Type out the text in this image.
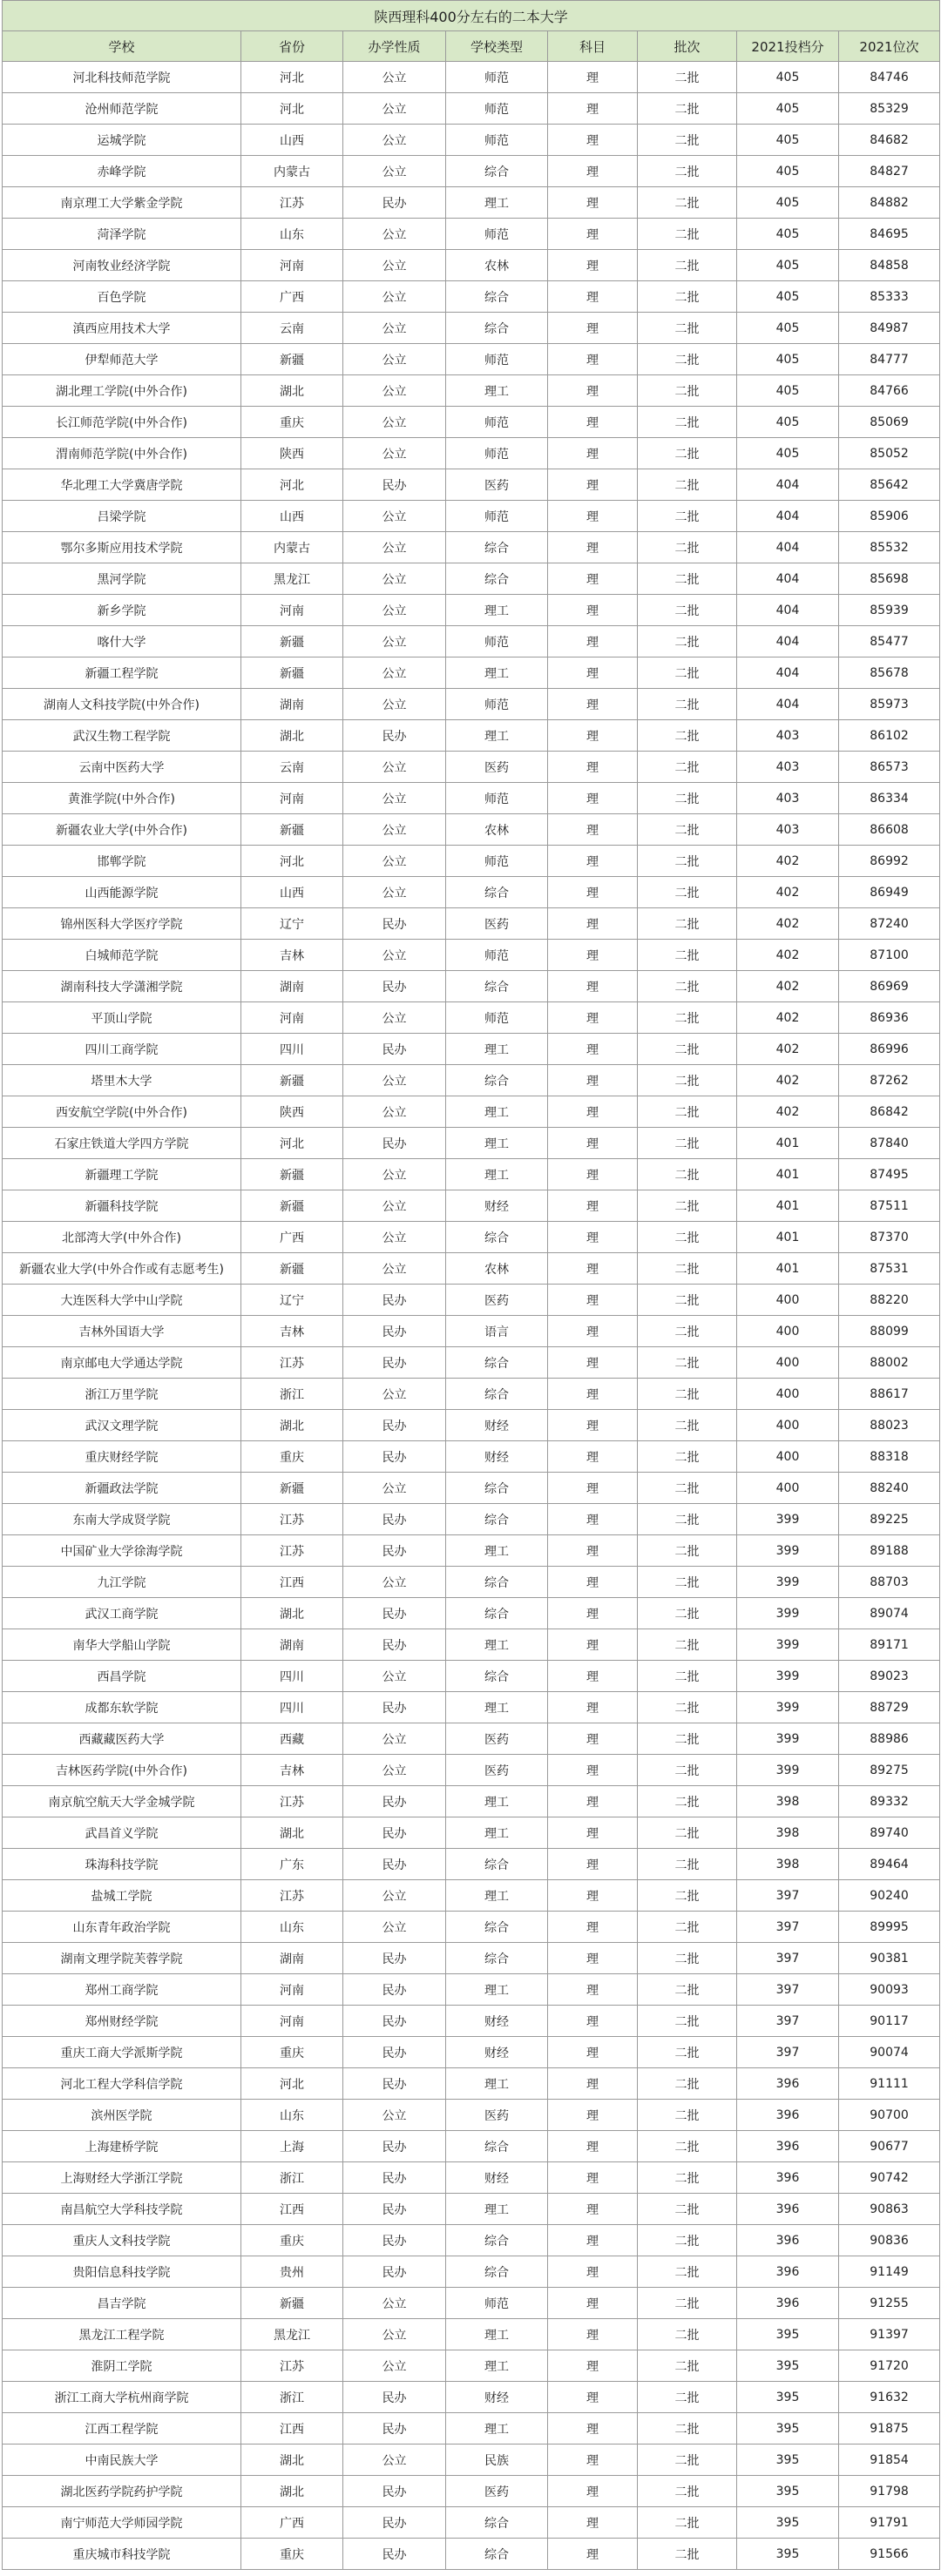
陕西理科400分左右的二本大学							
学校	省份	办学性质	学校类型	科目	批次	2021投档分	2021位次
河北科技师范学院	河北	公立	师范	理	二批	405	84746
沧州师范学院	河北	公立	师范	理	二批	405	85329
运城学院	山西	公立	师范	理	二批	405	84682
赤峰学院	内蒙古	公立	综合	理	二批	405	84827
南京理工大学紫金学院	江苏	民办	理工	理	二批	405	84882
菏泽学院	山东	公立	师范	理	二批	405	84695
河南牧业经济学院	河南	公立	农林	理	二批	405	84858
百色学院	广西	公立	综合	理	二批	405	85333
滇西应用技术大学	云南	公立	综合	理	二批	405	84987
伊犁师范大学	新疆	公立	师范	理	二批	405	84777
湖北理工学院(中外合作)	湖北	公立	理工	理	二批	405	84766
长江师范学院(中外合作)	重庆	公立	师范	理	二批	405	85069
渭南师范学院(中外合作)	陕西	公立	师范	理	二批	405	85052
华北理工大学冀唐学院	河北	民办	医药	理	二批	404	85642
吕梁学院	山西	公立	师范	理	二批	404	85906
鄂尔多斯应用技术学院	内蒙古	公立	综合	理	二批	404	85532
黑河学院	黑龙江	公立	综合	理	二批	404	85698
新乡学院	河南	公立	理工	理	二批	404	85939
喀什大学	新疆	公立	师范	理	二批	404	85477
新疆工程学院	新疆	公立	理工	理	二批	404	85678
湖南人文科技学院(中外合作)	湖南	公立	师范	理	二批	404	85973
武汉生物工程学院	湖北	民办	理工	理	二批	403	86102
云南中医药大学	云南	公立	医药	理	二批	403	86573
黄淮学院(中外合作)	河南	公立	师范	理	二批	403	86334
新疆农业大学(中外合作)	新疆	公立	农林	理	二批	403	86608
邯郸学院	河北	公立	师范	理	二批	402	86992
山西能源学院	山西	公立	综合	理	二批	402	86949
锦州医科大学医疗学院	辽宁	民办	医药	理	二批	402	87240
白城师范学院	吉林	公立	师范	理	二批	402	87100
湖南科技大学潇湘学院	湖南	民办	综合	理	二批	402	86969
平顶山学院	河南	公立	师范	理	二批	402	86936
四川工商学院	四川	民办	理工	理	二批	402	86996
塔里木大学	新疆	公立	综合	理	二批	402	87262
西安航空学院(中外合作)	陕西	公立	理工	理	二批	402	86842
石家庄铁道大学四方学院	河北	民办	理工	理	二批	401	87840
新疆理工学院	新疆	公立	理工	理	二批	401	87495
新疆科技学院	新疆	公立	财经	理	二批	401	87511
北部湾大学(中外合作)	广西	公立	综合	理	二批	401	87370
新疆农业大学(中外合作或有志愿考生)	新疆	公立	农林	理	二批	401	87531
大连医科大学中山学院	辽宁	民办	医药	理	二批	400	88220
吉林外国语大学	吉林	民办	语言	理	二批	400	88099
南京邮电大学通达学院	江苏	民办	综合	理	二批	400	88002
浙江万里学院	浙江	公立	综合	理	二批	400	88617
武汉文理学院	湖北	民办	财经	理	二批	400	88023
重庆财经学院	重庆	民办	财经	理	二批	400	88318
新疆政法学院	新疆	公立	综合	理	二批	400	88240
东南大学成贤学院	江苏	民办	综合	理	二批	399	89225
中国矿业大学徐海学院	江苏	民办	理工	理	二批	399	89188
九江学院	江西	公立	综合	理	二批	399	88703
武汉工商学院	湖北	民办	综合	理	二批	399	89074
南华大学船山学院	湖南	民办	理工	理	二批	399	89171
西昌学院	四川	公立	综合	理	二批	399	89023
成都东软学院	四川	民办	理工	理	二批	399	88729
西藏藏医药大学	西藏	公立	医药	理	二批	399	88986
吉林医药学院(中外合作)	吉林	公立	医药	理	二批	399	89275
南京航空航天大学金城学院	江苏	民办	理工	理	二批	398	89332
武昌首义学院	湖北	民办	理工	理	二批	398	89740
珠海科技学院	广东	民办	综合	理	二批	398	89464
盐城工学院	江苏	公立	理工	理	二批	397	90240
山东青年政治学院	山东	公立	综合	理	二批	397	89995
湖南文理学院芙蓉学院	湖南	民办	综合	理	二批	397	90381
郑州工商学院	河南	民办	理工	理	二批	397	90093
郑州财经学院	河南	民办	财经	理	二批	397	90117
重庆工商大学派斯学院	重庆	民办	财经	理	二批	397	90074
河北工程大学科信学院	河北	民办	理工	理	二批	396	91111
滨州医学院	山东	公立	医药	理	二批	396	90700
上海建桥学院	上海	民办	综合	理	二批	396	90677
上海财经大学浙江学院	浙江	民办	财经	理	二批	396	90742
南昌航空大学科技学院	江西	民办	理工	理	二批	396	90863
重庆人文科技学院	重庆	民办	综合	理	二批	396	90836
贵阳信息科技学院	贵州	民办	综合	理	二批	396	91149
昌吉学院	新疆	公立	师范	理	二批	396	91255
黑龙江工程学院	黑龙江	公立	理工	理	二批	395	91397
淮阴工学院	江苏	公立	理工	理	二批	395	91720
浙江工商大学杭州商学院	浙江	民办	财经	理	二批	395	91632
江西工程学院	江西	民办	理工	理	二批	395	91875
中南民族大学	湖北	公立	民族	理	二批	395	91854
湖北医药学院药护学院	湖北	民办	医药	理	二批	395	91798
南宁师范大学师园学院	广西	民办	综合	理	二批	395	91791
重庆城市科技学院	重庆	民办	综合	理	二批	395	91566
